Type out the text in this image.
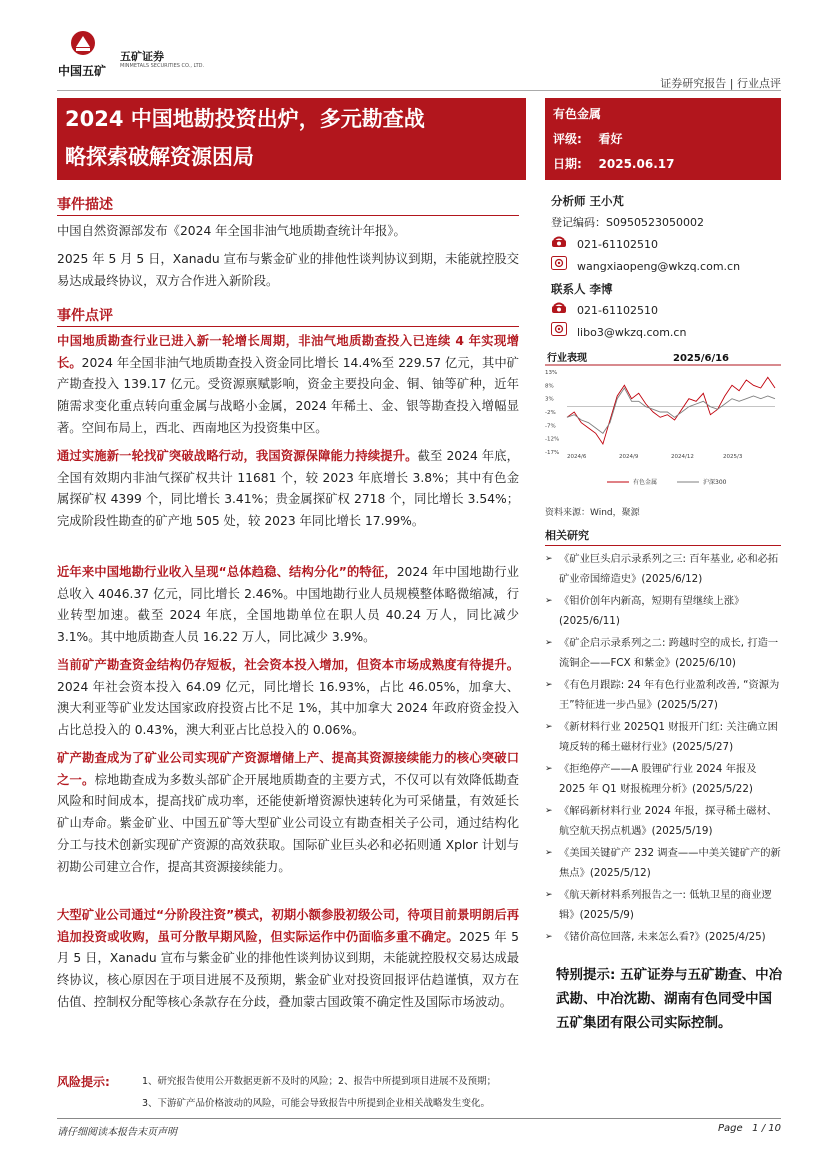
中国五矿
五矿证券
MINMETALS SECURITIES CO., LTD.
证券研究报告 | 行业点评
2024 中国地勘投资出炉，多元勘查战
略探索破解资源困局
有色金属
评级: 看好
日期: 2025.06.17
事件描述
中国自然资源部发布《2024 年全国非油气地质勘查统计年报》。
2025 年 5 月 5 日，Xanadu 宣布与紫金矿业的排他性谈判协议到期，未能就控股交易达成最终协议，双方合作进入新阶段。
事件点评
中国地质勘查行业已进入新一轮增长周期，非油气地质勘查投入已连续 4 年实现增长。2024 年全国非油气地质勘查投入资金同比增长 14.4%至 229.57 亿元，其中矿产勘查投入 139.17 亿元。受资源禀赋影响，资金主要投向金、铜、铀等矿种，近年随需求变化重点转向重金属与战略小金属，2024 年稀土、金、银等勘查投入增幅显著。空间布局上，西北、西南地区为投资集中区。
通过实施新一轮找矿突破战略行动，我国资源保障能力持续提升。截至 2024 年底，全国有效期内非油气探矿权共计 11681 个，较 2023 年底增长 3.8%；其中有色金属探矿权 4399 个，同比增长 3.41%；贵金属探矿权 2718 个，同比增长 3.54%；完成阶段性勘查的矿产地 505 处，较 2023 年同比增长 17.99%。
近年来中国地勘行业收入呈现“总体趋稳、结构分化”的特征，2024 年中国地勘行业总收入 4046.37 亿元，同比增长 2.46%。中国地勘行业人员规模整体略微缩减，行业转型加速。截至 2024 年底，全国地勘单位在职人员 40.24 万人，同比减少 3.1%。其中地质勘查人员 16.22 万人，同比减少 3.9%。
当前矿产勘查资金结构仍存短板，社会资本投入增加，但资本市场成熟度有待提升。2024 年社会资本投入 64.09 亿元，同比增长 16.93%，占比 46.05%，加拿大、澳大利亚等矿业发达国家政府投资占比不足 1%，其中加拿大 2024 年政府资金投入占比总投入的 0.43%，澳大利亚占比总投入的 0.06%。
矿产勘查成为了矿业公司实现矿产资源增储上产、提高其资源接续能力的核心突破口之一。棕地勘查成为多数头部矿企开展地质勘查的主要方式，不仅可以有效降低勘查风险和时间成本，提高找矿成功率，还能使新增资源快速转化为可采储量，有效延长矿山寿命。紫金矿业、中国五矿等大型矿业公司设立有勘查相关子公司，通过结构化分工与技术创新实现矿产资源的高效获取。国际矿业巨头必和必拓则通 Xplor 计划与初勘公司建立合作，提高其资源接续能力。
大型矿业公司通过“分阶段注资”模式，初期小额参股初级公司，待项目前景明朗后再追加投资或收购，虽可分散早期风险，但实际运作中仍面临多重不确定。2025 年 5 月 5 日，Xanadu 宣布与紫金矿业的排他性谈判协议到期，未能就控股权交易达成最终协议，核心原因在于项目进展不及预期，紫金矿业对投资回报评估趋谨慎，双方在估值、控制权分配等核心条款存在分歧，叠加蒙古国政策不确定性及国际市场波动。
分析师 王小芃
登记编码：S0950523050002
021-61102510
wangxiaopeng@wkzq.com.cn
联系人 李博
021-61102510
libo3@wkzq.com.cn
行业表现	2025/6/16
13%
8%
3%
-2%
-7%
-12%
-17%
2024/6	2024/9	2024/12	2025/3
有色金属	沪深300
资料来源：Wind，聚源
相关研究
➢ 《矿业巨头启示录系列之三: 百年基业, 必和必拓矿业帝国缔造史》(2025/6/12)
➢ 《钼价创年内新高，短期有望继续上涨》(2025/6/11)
➢ 《矿企启示录系列之二: 跨越时空的成长, 打造一流铜企——FCX 和紫金》(2025/6/10)
➢ 《有色月跟踪: 24 年有色行业盈利改善, “资源为王”特征进一步凸显》(2025/5/27)
➢ 《新材料行业 2025Q1 财报开门红: 关注确立困境反转的稀土磁材行业》(2025/5/27)
➢ 《拒绝停产——A 股锂矿行业 2024 年报及 2025 年 Q1 财报梳理分析》(2025/5/22)
➢ 《解码新材料行业 2024 年报，探寻稀土磁材、航空航天拐点机遇》(2025/5/19)
➢ 《美国关键矿产 232 调查——中美关键矿产的新焦点》(2025/5/12)
➢ 《航天新材料系列报告之一: 低轨卫星的商业逻辑》(2025/5/9)
➢ 《锗价高位回落, 未来怎么看?》(2025/4/25)
特别提示: 五矿证券与五矿勘查、中冶武勘、中冶沈勘、湖南有色同受中国五矿集团有限公司实际控制。
风险提示:	1、研究报告使用公开数据更新不及时的风险；2、报告中所提到项目进展不及预期；
3、下游矿产品价格波动的风险，可能会导致报告中所提到企业相关战略发生变化。
请仔细阅读本报告末页声明	Page 1 / 10
